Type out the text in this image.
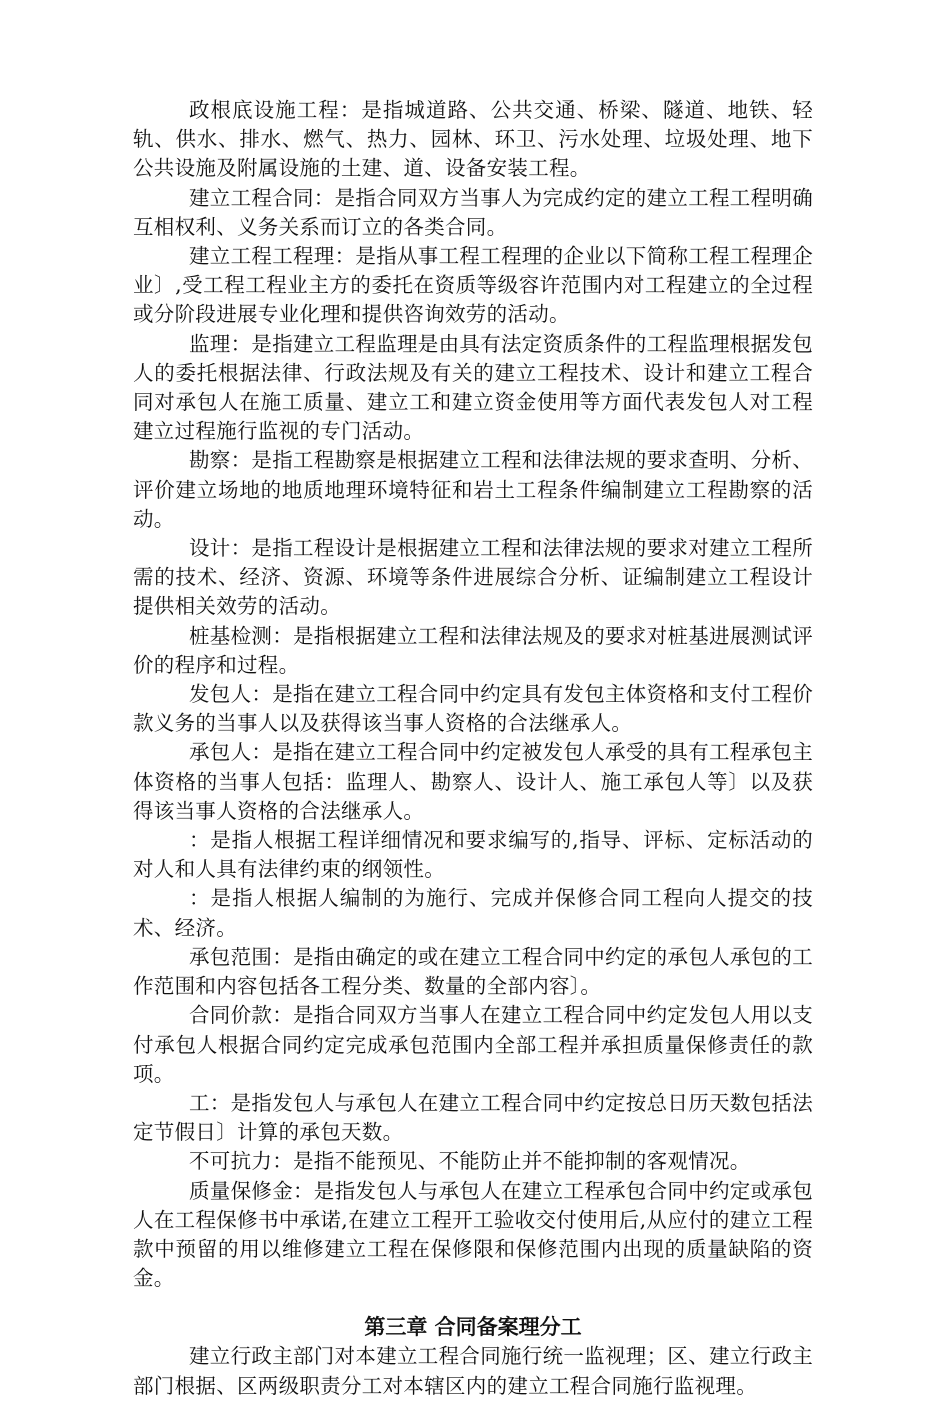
政根底设施工程：是指城道路、公共交通、桥梁、隧道、地铁、轻轨、供水、排水、燃气、热力、园林、环卫、污水处理、垃圾处理、地下公共设施及附属设施的土建、道、设备安装工程。

建立工程合同：是指合同双方当事人为完成约定的建立工程工程明确互相权利、义务关系而订立的各类合同。

建立工程工程理：是指从事工程工程理的企业以下简称工程工程理企业〕,受工程工程业主方的委托在资质等级容许范围内对工程建立的全过程或分阶段进展专业化理和提供咨询效劳的活动。

监理：是指建立工程监理是由具有法定资质条件的工程监理根据发包人的委托根据法律、行政法规及有关的建立工程技术、设计和建立工程合同对承包人在施工质量、建立工和建立资金使用等方面代表发包人对工程建立过程施行监视的专门活动。

勘察：是指工程勘察是根据建立工程和法律法规的要求查明、分析、评价建立场地的地质地理环境特征和岩土工程条件编制建立工程勘察的活动。

设计：是指工程设计是根据建立工程和法律法规的要求对建立工程所需的技术、经济、资源、环境等条件进展综合分析、证编制建立工程设计提供相关效劳的活动。

桩基检测：是指根据建立工程和法律法规及的要求对桩基进展测试评价的程序和过程。

发包人：是指在建立工程合同中约定具有发包主体资格和支付工程价款义务的当事人以及获得该当事人资格的合法继承人。

承包人：是指在建立工程合同中约定被发包人承受的具有工程承包主体资格的当事人包括：监理人、勘察人、设计人、施工承包人等〕以及获得该当事人资格的合法继承人。

：是指人根据工程详细情况和要求编写的,指导、评标、定标活动的对人和人具有法律约束的纲领性。

：是指人根据人编制的为施行、完成并保修合同工程向人提交的技术、经济。

承包范围：是指由确定的或在建立工程合同中约定的承包人承包的工作范围和内容包括各工程分类、数量的全部内容〕。

合同价款：是指合同双方当事人在建立工程合同中约定发包人用以支付承包人根据合同约定完成承包范围内全部工程并承担质量保修责任的款项。

工：是指发包人与承包人在建立工程合同中约定按总日历天数包括法定节假日〕计算的承包天数。

不可抗力：是指不能预见、不能防止并不能抑制的客观情况。

质量保修金：是指发包人与承包人在建立工程承包合同中约定或承包人在工程保修书中承诺,在建立工程开工验收交付使用后,从应付的建立工程款中预留的用以维修建立工程在保修限和保修范围内出现的质量缺陷的资金。

第三章 合同备案理分工

建立行政主部门对本建立工程合同施行统一监视理；区、建立行政主部门根据、区两级职责分工对本辖区内的建立工程合同施行监视理。
